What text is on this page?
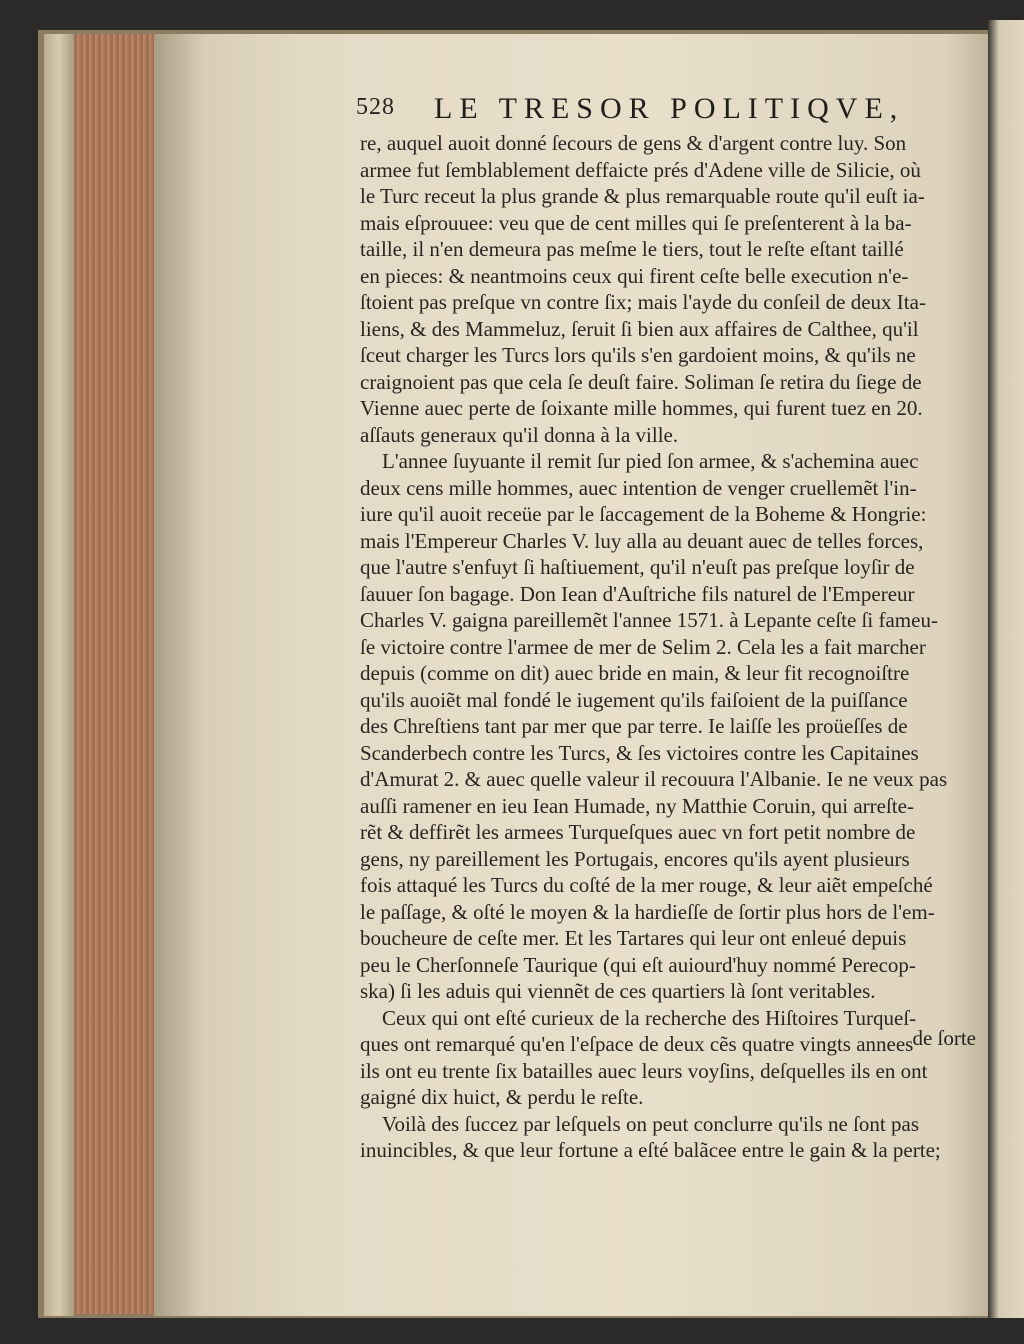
528 LE TRESOR POLITIQVE,
re, auquel auoit donné ſecours de gens & d'argent contre luy. Son
armee fut ſemblablement deffaicte prés d'Adene ville de Silicie, où
le Turc receut la plus grande & plus remarquable route qu'il euſt ia-
mais eſprouuee: veu que de cent milles qui ſe preſenterent à la ba-
taille, il n'en demeura pas meſme le tiers, tout le reſte eſtant taillé
en pieces: & neantmoins ceux qui firent ceſte belle execution n'e-
ſtoient pas preſque vn contre ſix; mais l'ayde du conſeil de deux Ita-
liens, & des Mammeluz, ſeruit ſi bien aux affaires de Calthee, qu'il
ſceut charger les Turcs lors qu'ils s'en gardoient moins, & qu'ils ne
craignoient pas que cela ſe deuſt faire. Soliman ſe retira du ſiege de
Vienne auec perte de ſoixante mille hommes, qui furent tuez en 20.
aſſauts generaux qu'il donna à la ville.
L'annee ſuyuante il remit ſur pied ſon armee, & s'achemina auec
deux cens mille hommes, auec intention de venger cruellemẽt l'in-
iure qu'il auoit receüe par le ſaccagement de la Boheme & Hongrie:
mais l'Empereur Charles V. luy alla au deuant auec de telles forces,
que l'autre s'enfuyt ſi haſtiuement, qu'il n'euſt pas preſque loyſir de
ſauuer ſon bagage. Don Iean d'Auſtriche fils naturel de l'Empereur
Charles V. gaigna pareillemẽt l'annee 1571. à Lepante ceſte ſi fameu-
ſe victoire contre l'armee de mer de Selim 2. Cela les a fait marcher
depuis (comme on dit) auec bride en main, & leur fit recognoiſtre
qu'ils auoiẽt mal fondé le iugement qu'ils faiſoient de la puiſſance
des Chreſtiens tant par mer que par terre. Ie laiſſe les proüeſſes de
Scanderbech contre les Turcs, & ſes victoires contre les Capitaines
d'Amurat 2. & auec quelle valeur il recouura l'Albanie. Ie ne veux pas
auſſi ramener en ieu Iean Humade, ny Matthie Coruin, qui arreſte-
rẽt & deffirẽt les armees Turqueſques auec vn fort petit nombre de
gens, ny pareillement les Portugais, encores qu'ils ayent plusieurs
fois attaqué les Turcs du coſté de la mer rouge, & leur aiẽt empeſché
le paſſage, & oſté le moyen & la hardieſſe de ſortir plus hors de l'em-
boucheure de ceſte mer. Et les Tartares qui leur ont enleué depuis
peu le Cherſonneſe Taurique (qui eſt auiourd'huy nommé Perecop-
ska) ſi les aduis qui viennẽt de ces quartiers là ſont veritables.
Ceux qui ont eſté curieux de la recherche des Hiſtoires Turqueſ-
ques ont remarqué qu'en l'eſpace de deux cẽs quatre vingts annees
ils ont eu trente ſix batailles auec leurs voyſins, deſquelles ils en ont
gaigné dix huict, & perdu le reſte.
Voilà des ſuccez par leſquels on peut conclurre qu'ils ne ſont pas
inuincibles, & que leur fortune a eſté balãcee entre le gain & la perte;
de ſorte
